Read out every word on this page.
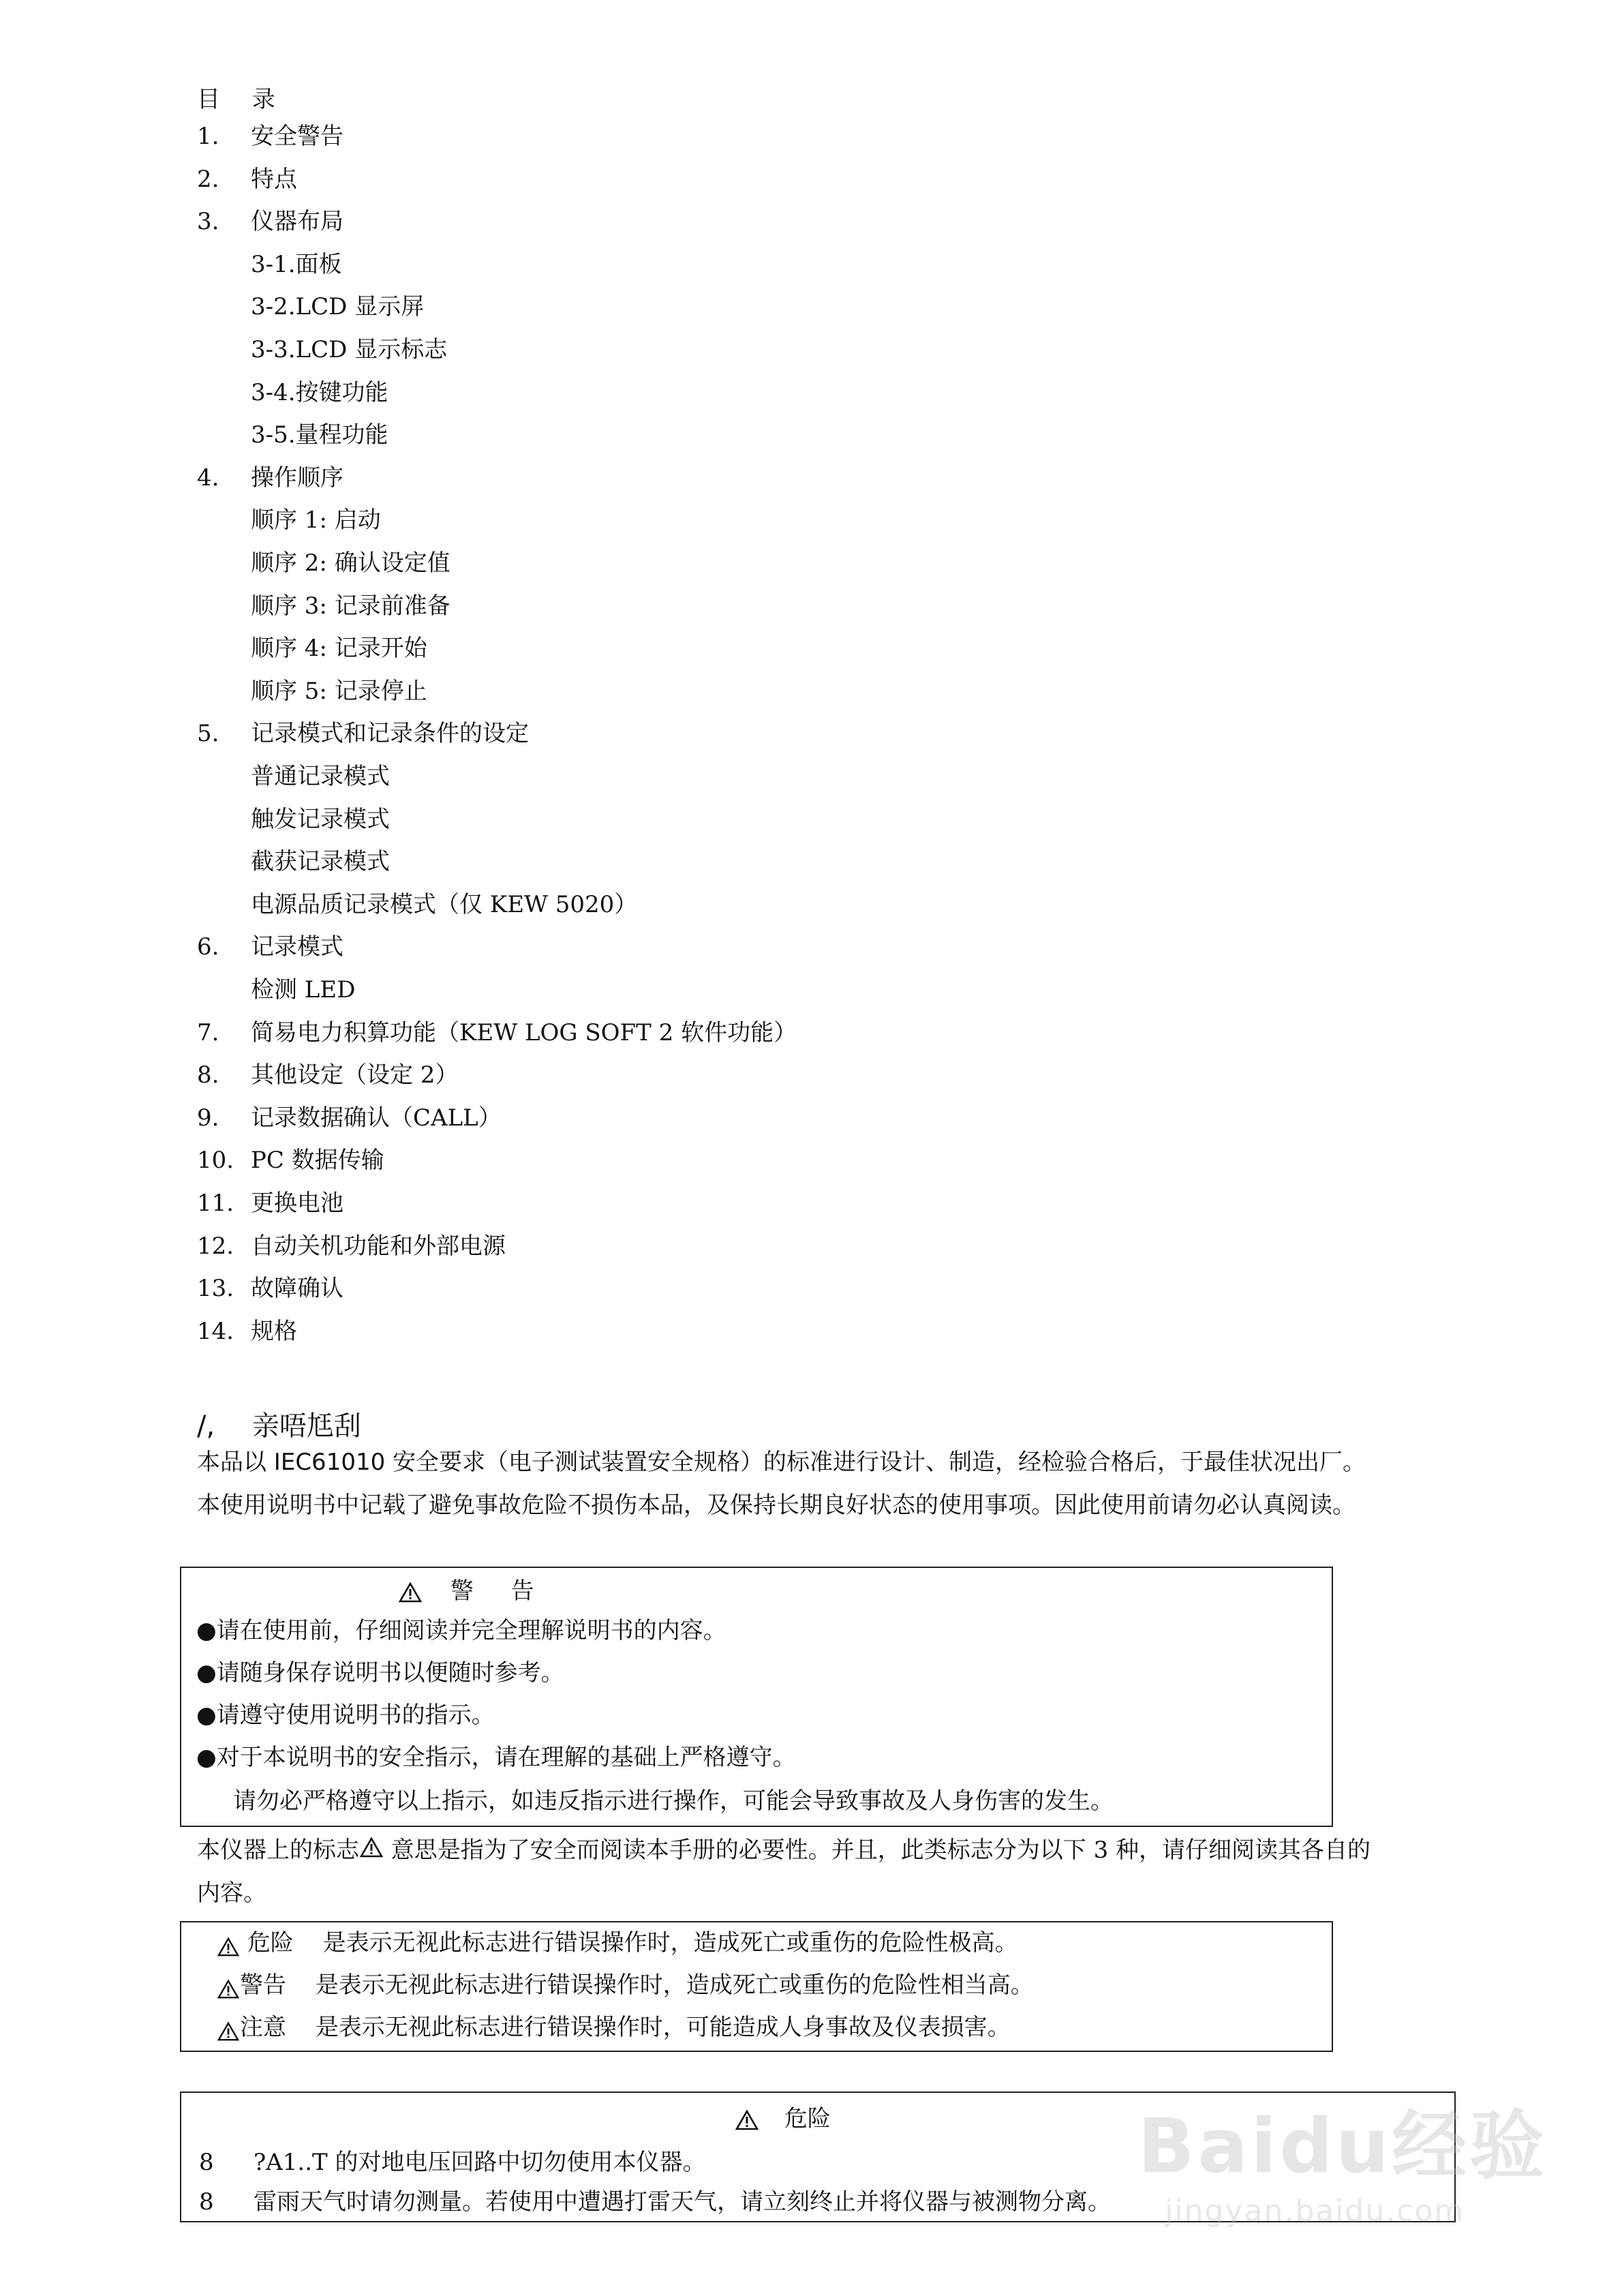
目 录
1. 安全警告
2. 特点
3. 仪器布局
3-1.面板
3-2.LCD 显示屏
3-3.LCD 显示标志
3-4.按键功能
3-5.量程功能
4. 操作顺序
顺序 1: 启动
顺序 2: 确认设定值
顺序 3: 记录前准备
顺序 4: 记录开始
顺序 5: 记录停止
5. 记录模式和记录条件的设定
普通记录模式
触发记录模式
截获记录模式
电源品质记录模式（仅 KEW 5020）
6. 记录模式
检测 LED
7. 简易电力积算功能（KEW LOG SOFT 2 软件功能）
8. 其他设定（设定 2）
9. 记录数据确认（CALL）
10. PC 数据传输
11. 更换电池
12. 自动关机功能和外部电源
13. 故障确认
14. 规格
/, 亲唔尪刮
本品以 IEC61010 安全要求（电子测试装置安全规格）的标准进行设计、制造，经检验合格后，于最佳状况出厂。
本使用说明书中记载了避免事故危险不损伤本品，及保持长期良好状态的使用事项。因此使用前请勿必认真阅读。
警 告
●请在使用前，仔细阅读并完全理解说明书的内容。
●请随身保存说明书以便随时参考。
●请遵守使用说明书的指示。
●对于本说明书的安全指示，请在理解的基础上严格遵守。
请勿必严格遵守以上指示，如违反指示进行操作，可能会导致事故及人身伤害的发生。
本仪器上的标志 意思是指为了安全而阅读本手册的必要性。并且，此类标志分为以下 3 种，请仔细阅读其各自的
内容。
危险 是表示无视此标志进行错误操作时，造成死亡或重伤的危险性极高。
警告 是表示无视此标志进行错误操作时，造成死亡或重伤的危险性相当高。
注意 是表示无视此标志进行错误操作时，可能造成人身事故及仪表损害。
危险
8 ?A1..T 的对地电压回路中切勿使用本仪器。
8 雷雨天气时请勿测量。若使用中遭遇打雷天气，请立刻终止并将仪器与被测物分离。
Baidu经验
jingyan.baidu.com
